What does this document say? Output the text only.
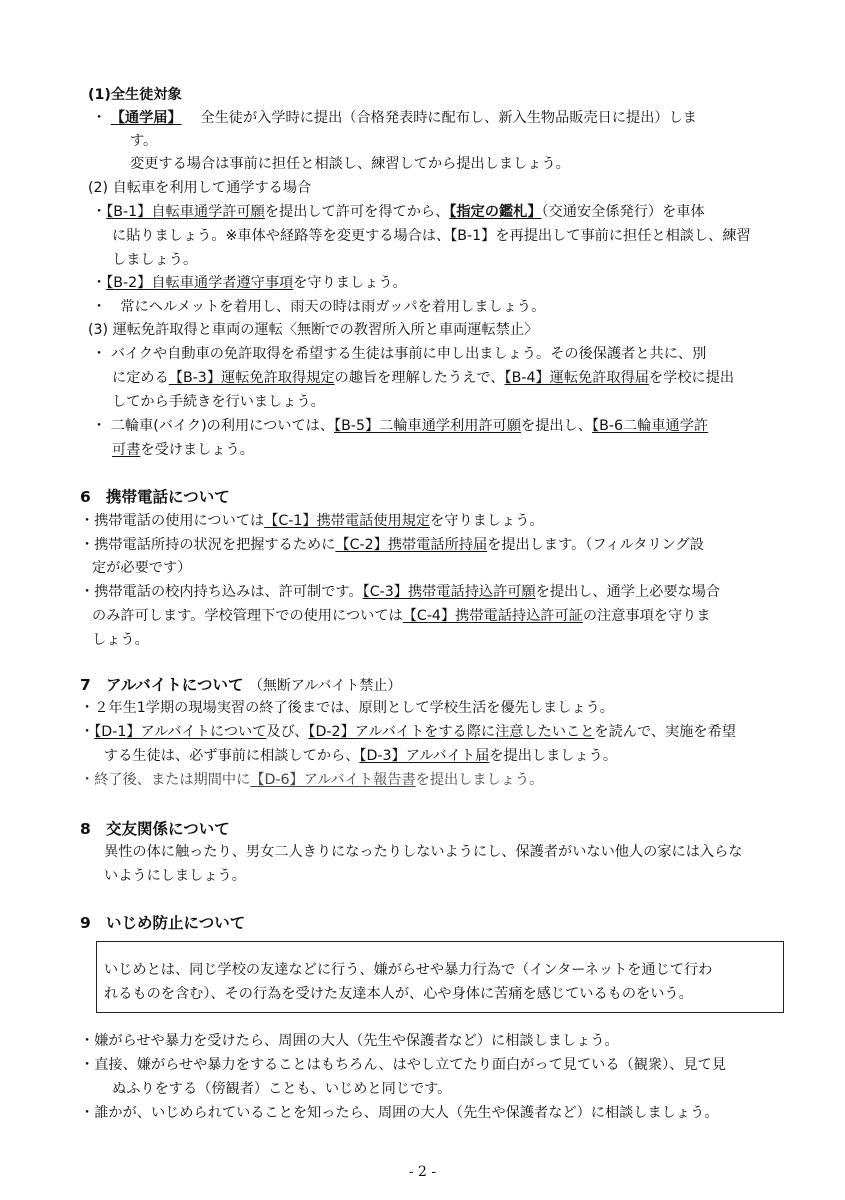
(1)全生徒対象
・ 【通学届】 　全生徒が入学時に提出（合格発表時に配布し、新入生物品販売日に提出）しま
す。
変更する場合は事前に担任と相談し、練習してから提出しましょう。
(2) 自転車を利用して通学する場合
・【B-1】自転車通学許可願を提出して許可を得てから、【指定の鑑札】（交通安全係発行）を車体
に貼りましょう。※車体や経路等を変更する場合は、【B-1】を再提出して事前に担任と相談し、練習
しましょう。
・【B-2】自転車通学者遵守事項を守りましょう。
・　常にヘルメットを着用し、雨天の時は雨ガッパを着用しましょう。
(3) 運転免許取得と車両の運転〈無断での教習所入所と車両運転禁止〉
・ バイクや自動車の免許取得を希望する生徒は事前に申し出ましょう。その後保護者と共に、別
に定める【B-3】運転免許取得規定の趣旨を理解したうえで、【B-4】運転免許取得届を学校に提出
してから手続きを行いましょう。
・ 二輪車(バイク)の利用については、【B-5】二輪車通学利用許可願を提出し、【B-6二輪車通学許
可書を受けましょう。
6 携帯電話について
・携帯電話の使用については【C-1】携帯電話使用規定を守りましょう。
・携帯電話所持の状況を把握するために【C-2】携帯電話所持届を提出します。（フィルタリング設
定が必要です）
・携帯電話の校内持ち込みは、許可制です。【C-3】携帯電話持込許可願を提出し、通学上必要な場合
のみ許可します。学校管理下での使用については【C-4】携帯電話持込許可証の注意事項を守りま
しょう。
7 アルバイトについて （無断アルバイト禁止）
・２年生1学期の現場実習の終了後までは、原則として学校生活を優先しましょう。
・【D-1】アルバイトについて及び、【D-2】アルバイトをする際に注意したいことを読んで、実施を希望
する生徒は、必ず事前に相談してから、【D-3】アルバイト届を提出しましょう。
・終了後、または期間中に【D-6】アルバイト報告書を提出しましょう。
8 交友関係について
異性の体に触ったり、男女二人きりになったりしないようにし、保護者がいない他人の家には入らな
いようにしましょう。
9 いじめ防止について
いじめとは、同じ学校の友達などに行う、嫌がらせや暴力行為で（インターネットを通じて行わ
れるものを含む）、その行為を受けた友達本人が、心や身体に苦痛を感じているものをいう。
・嫌がらせや暴力を受けたら、周囲の大人（先生や保護者など）に相談しましょう。
・直接、嫌がらせや暴力をすることはもちろん、はやし立てたり面白がって見ている（観衆）、見て見
ぬふりをする（傍観者）ことも、いじめと同じです。
・誰かが、いじめられていることを知ったら、周囲の大人（先生や保護者など）に相談しましょう。
- 2 -
